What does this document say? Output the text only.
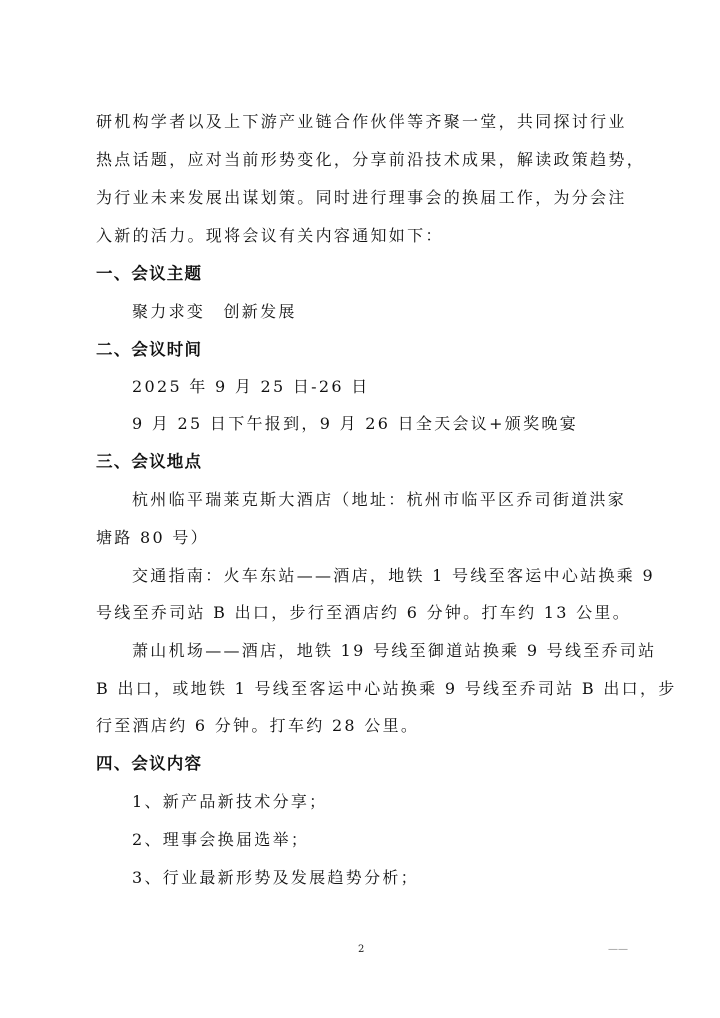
研机构学者以及上下游产业链合作伙伴等齐聚一堂，共同探讨行业
热点话题，应对当前形势变化，分享前沿技术成果，解读政策趋势，
为行业未来发展出谋划策。同时进行理事会的换届工作，为分会注
入新的活力。现将会议有关内容通知如下：
一、会议主题
聚力求变　创新发展
二、会议时间
2025 年 9 月 25 日-26 日
9 月 25 日下午报到，9 月 26 日全天会议+颁奖晚宴
三、会议地点
杭州临平瑞莱克斯大酒店（地址：杭州市临平区乔司街道洪家
塘路 80 号）
交通指南：火车东站——酒店，地铁 1 号线至客运中心站换乘 9
号线至乔司站 B 出口，步行至酒店约 6 分钟。打车约 13 公里。
萧山机场——酒店，地铁 19 号线至御道站换乘 9 号线至乔司站
B 出口，或地铁 1 号线至客运中心站换乘 9 号线至乔司站 B 出口，步
行至酒店约 6 分钟。打车约 28 公里。
四、会议内容
1、新产品新技术分享；
2、理事会换届选举；
3、行业最新形势及发展趋势分析；
2	——
